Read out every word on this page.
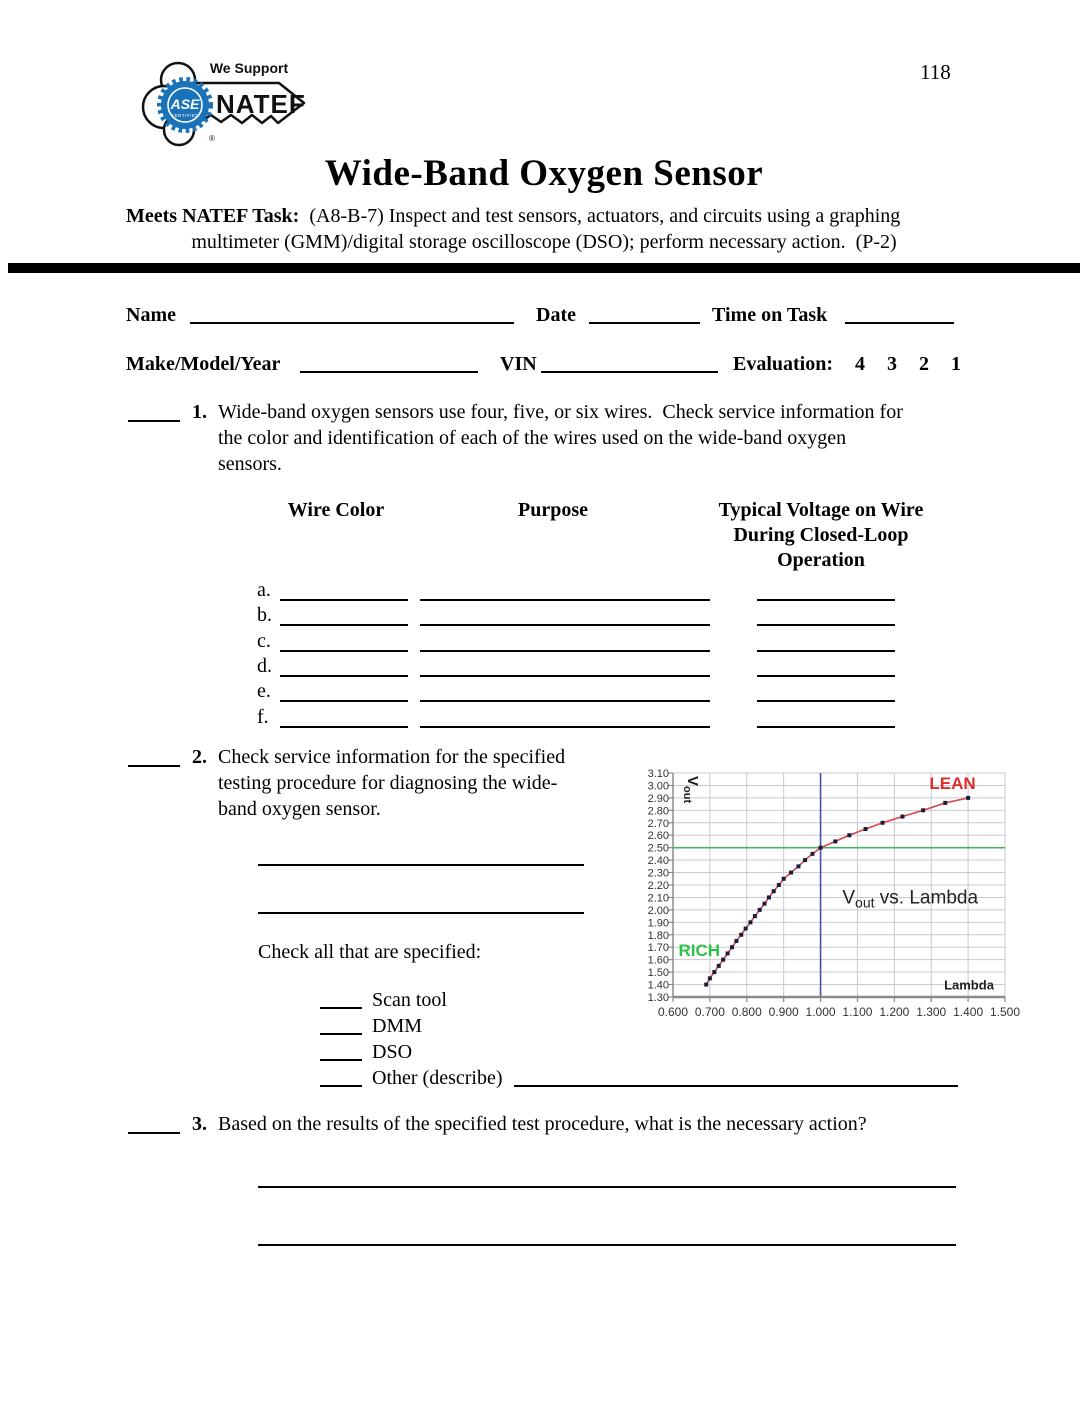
ASE
CERTIFIED
We Support
NATEF
®
118
Wide-Band Oxygen Sensor
Meets NATEF Task:  (A8-B-7) Inspect and test sensors, actuators, and circuits using a graphing
multimeter (GMM)/digital storage oscilloscope (DSO); perform necessary action.  (P-2)
Name	Date	Time on Task
Make/Model/Year	VIN	Evaluation: 4 3 2 1
1. Wide-band oxygen sensors use four, five, or six wires.  Check service information for
the color and identification of each of the wires used on the wide-band oxygen
sensors.
Wire Color	Purpose	Typical Voltage on Wire
During Closed-Loop
Operation
a.
b.
c.
d.
e.
f.
2. Check service information for the specified
testing procedure for diagnosing the wide-
band oxygen sensor.
Check all that are specified:
Scan tool
DMM
DSO
Other (describe)
0.600 0.700 0.800 0.900 1.000 1.100 1.200 1.300 1.400 1.500
1.30
1.40
1.50
1.60
1.70
1.80
1.90
2.00
2.10
2.20
2.30
2.40
2.50
2.60
2.70
2.80
2.90
3.00
3.10
LEAN
RICH
$V_{out}$ vs. Lambda
Lambda
$V_{out}$
3. Based on the results of the specified test procedure, what is the necessary action?
